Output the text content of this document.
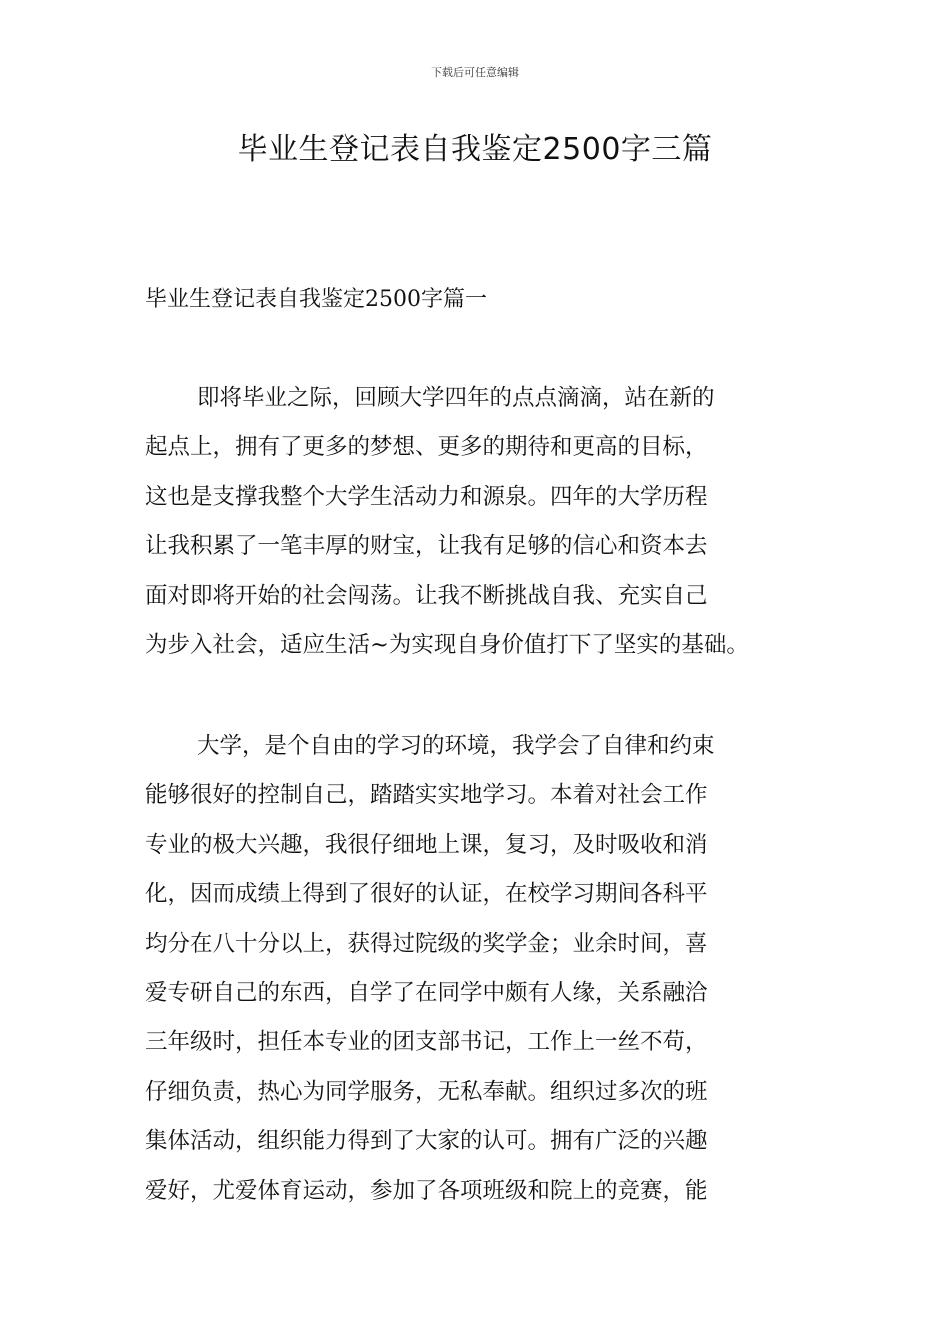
下载后可任意编辑
毕业生登记表自我鉴定2500字三篇
毕业生登记表自我鉴定2500字篇一
即将毕业之际，回顾大学四年的点点滴滴，站在新的
起点上，拥有了更多的梦想、更多的期待和更高的目标，
这也是支撑我整个大学生活动力和源泉。四年的大学历程
让我积累了一笔丰厚的财宝，让我有足够的信心和资本去
面对即将开始的社会闯荡。让我不断挑战自我、充实自己
为步入社会，适应生活~为实现自身价值打下了坚实的基础。
大学，是个自由的学习的环境，我学会了自律和约束
能够很好的控制自己，踏踏实实地学习。本着对社会工作
专业的极大兴趣，我很仔细地上课，复习，及时吸收和消
化，因而成绩上得到了很好的认证，在校学习期间各科平
均分在八十分以上，获得过院级的奖学金；业余时间，喜
爱专研自己的东西，自学了在同学中颇有人缘，关系融洽
三年级时，担任本专业的团支部书记，工作上一丝不苟，
仔细负责，热心为同学服务，无私奉献。组织过多次的班
集体活动，组织能力得到了大家的认可。拥有广泛的兴趣
爱好，尤爱体育运动，参加了各项班级和院上的竞赛，能
